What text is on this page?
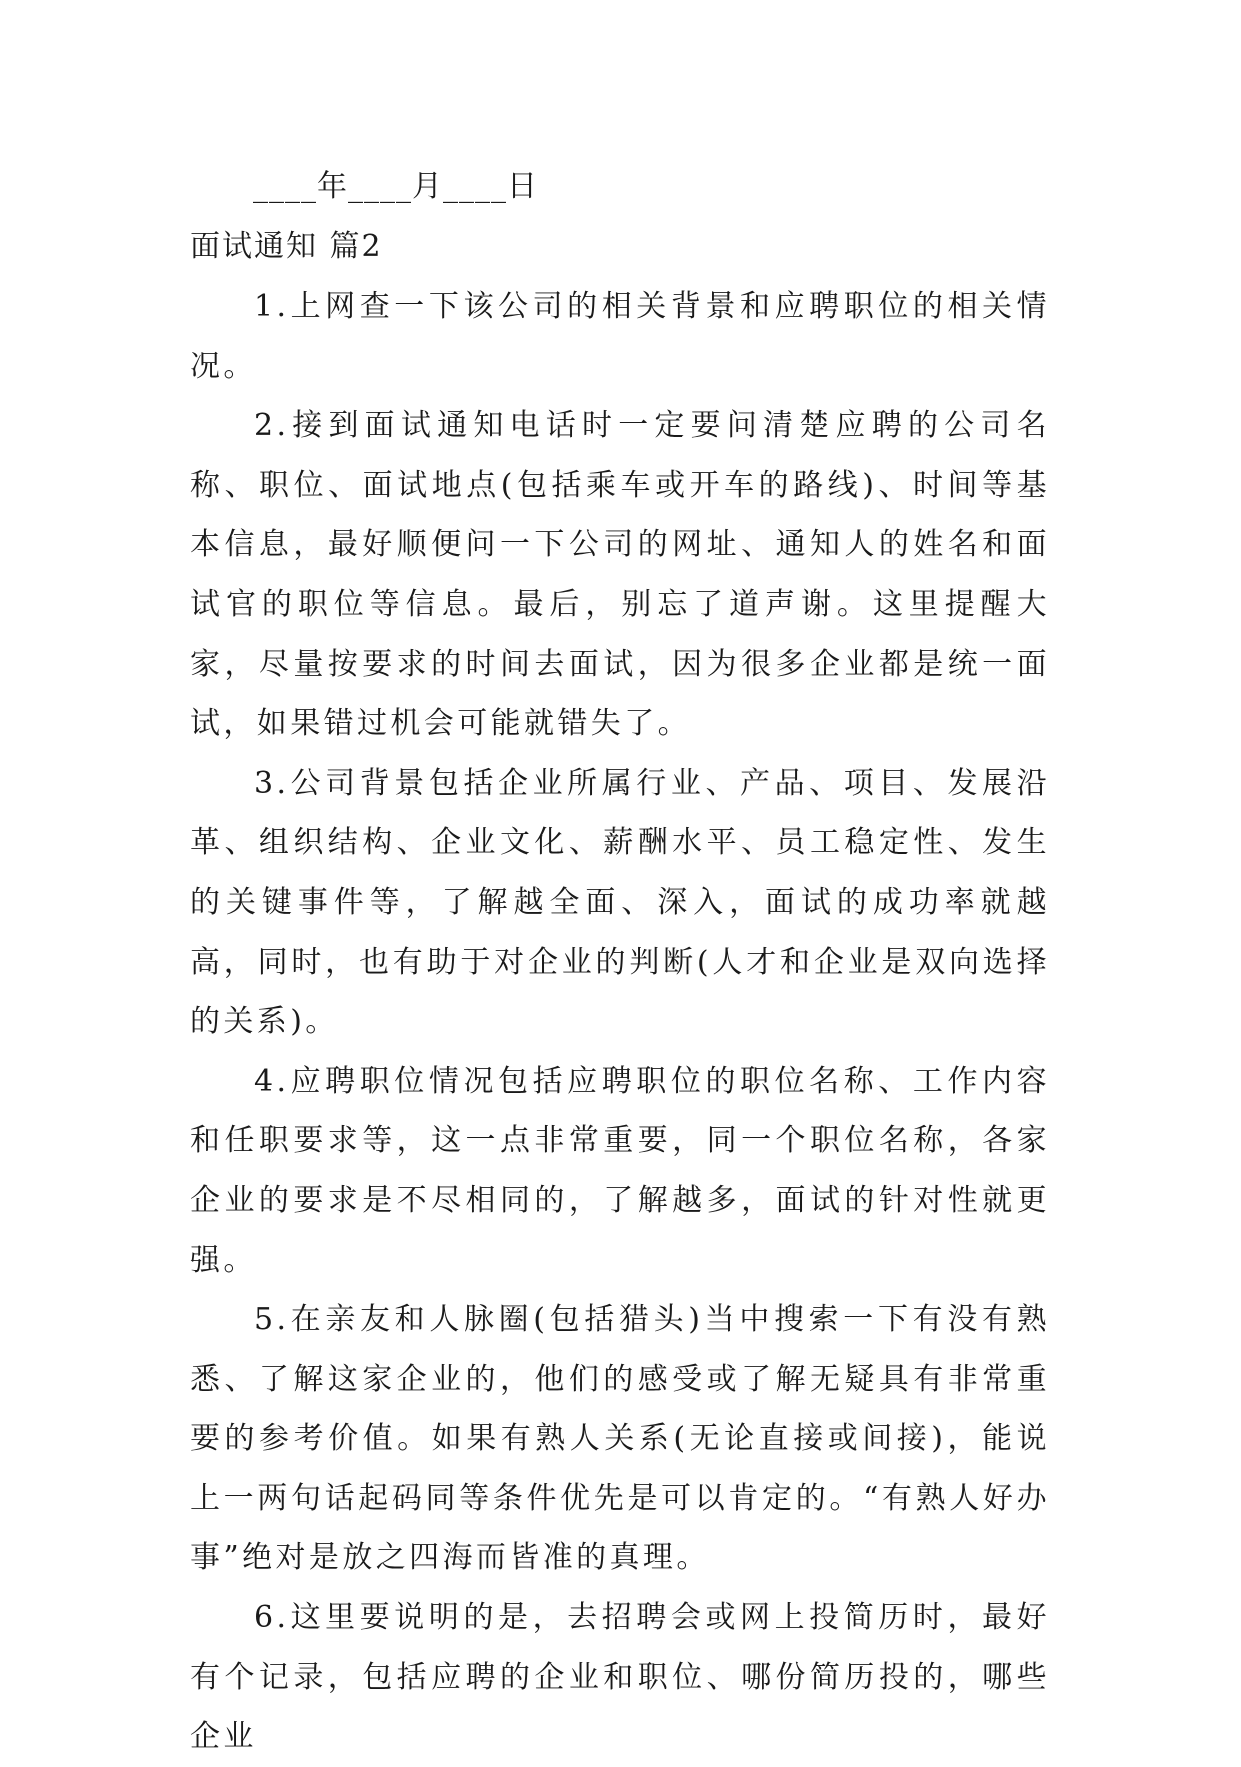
____年____月____日
面试通知 篇2

1.上网查一下该公司的相关背景和应聘职位的相关情况。

2.接到面试通知电话时一定要问清楚应聘的公司名称、职位、面试地点(包括乘车或开车的路线)、时间等基本信息，最好顺便问一下公司的网址、通知人的姓名和面试官的职位等信息。最后，别忘了道声谢。这里提醒大家，尽量按要求的时间去面试，因为很多企业都是统一面试，如果错过机会可能就错失了。

3.公司背景包括企业所属行业、产品、项目、发展沿革、组织结构、企业文化、薪酬水平、员工稳定性、发生的关键事件等，了解越全面、深入，面试的成功率就越高，同时，也有助于对企业的判断(人才和企业是双向选择的关系)。

4.应聘职位情况包括应聘职位的职位名称、工作内容和任职要求等，这一点非常重要，同一个职位名称，各家企业的要求是不尽相同的，了解越多，面试的针对性就更强。

5.在亲友和人脉圈(包括猎头)当中搜索一下有没有熟悉、了解这家企业的，他们的感受或了解无疑具有非常重要的参考价值。如果有熟人关系(无论直接或间接)，能说上一两句话起码同等条件优先是可以肯定的。“有熟人好办事”绝对是放之四海而皆准的真理。

6.这里要说明的是，去招聘会或网上投简历时，最好有个记录，包括应聘的企业和职位、哪份简历投的，哪些企业
